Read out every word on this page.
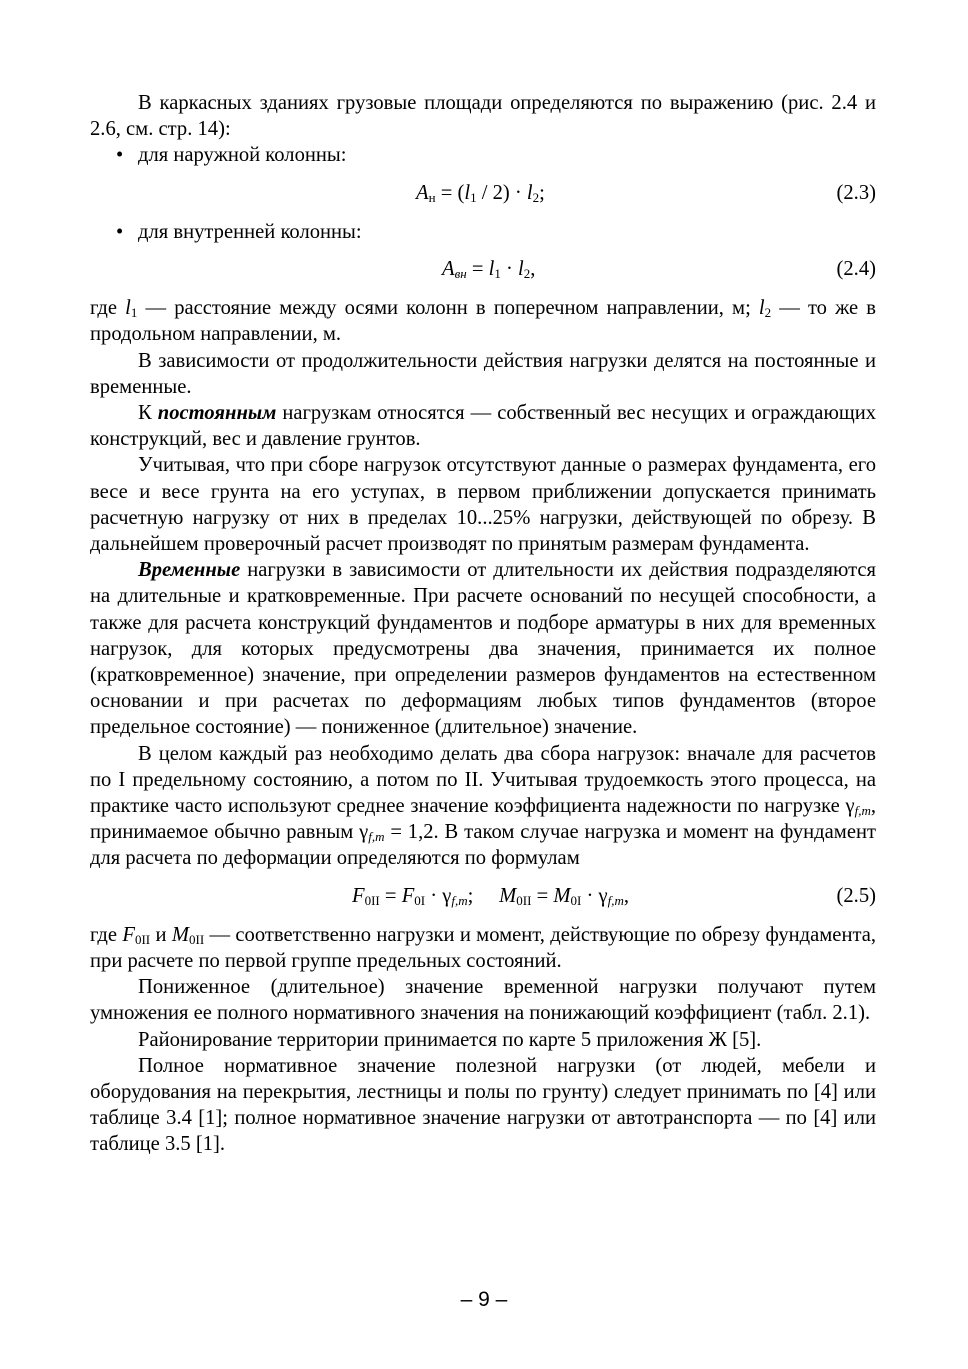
В каркасных зданиях грузовые площади определяются по выражению (рис. 2.4 и 2.6, см. стр. 14):

• для наружной колонны:

$A_н = (l_1 / 2) \cdot l_2$;	(2.3)

• для внутренней колонны:

$A_{вн} = l_1 \cdot l_2$,	(2.4)

где $l_1$ — расстояние между осями колонн в поперечном направлении, м; $l_2$ — то же в продольном направлении, м.

В зависимости от продолжительности действия нагрузки делятся на постоянные и временные.

К постоянным нагрузкам относятся — собственный вес несущих и ограждающих конструкций, вес и давление грунтов.

Учитывая, что при сборе нагрузок отсутствуют данные о размерах фундамента, его весе и весе грунта на его уступах, в первом приближении допускается принимать расчетную нагрузку от них в пределах 10...25% нагрузки, действующей по обрезу. В дальнейшем проверочный расчет производят по принятым размерам фундамента.

Временные нагрузки в зависимости от длительности их действия подразделяются на длительные и кратковременные. При расчете оснований по несущей способности, а также для расчета конструкций фундаментов и подборе арматуры в них для временных нагрузок, для которых предусмотрены два значения, принимается их полное (кратковременное) значение, при определении размеров фундаментов на естественном основании и при расчетах по деформациям любых типов фундаментов (второе предельное состояние) — пониженное (длительное) значение.

В целом каждый раз необходимо делать два сбора нагрузок: вначале для расчетов по I предельному состоянию, а потом по II. Учитывая трудоемкость этого процесса, на практике часто используют среднее значение коэффициента надежности по нагрузке $\gamma_{f,m}$, принимаемое обычно равным $\gamma_{f,m} = 1,2$. В таком случае нагрузка и момент на фундамент для расчета по деформации определяются по формулам

$F_{0II} = F_{0I} \cdot \gamma_{f,m}$;     $M_{0II} = M_{0I} \cdot \gamma_{f,m}$,	(2.5)

где $F_{0II}$ и $M_{0II}$ — соответственно нагрузки и момент, действующие по обрезу фундамента, при расчете по первой группе предельных состояний.

Пониженное (длительное) значение временной нагрузки получают путем умножения ее полного нормативного значения на понижающий коэффициент (табл. 2.1).

Районирование территории принимается по карте 5 приложения Ж [5].

Полное нормативное значение полезной нагрузки (от людей, мебели и оборудования на перекрытия, лестницы и полы по грунту) следует принимать по [4] или таблице 3.4 [1]; полное нормативное значение нагрузки от автотранспорта — по [4] или таблице 3.5 [1].

– 9 –
